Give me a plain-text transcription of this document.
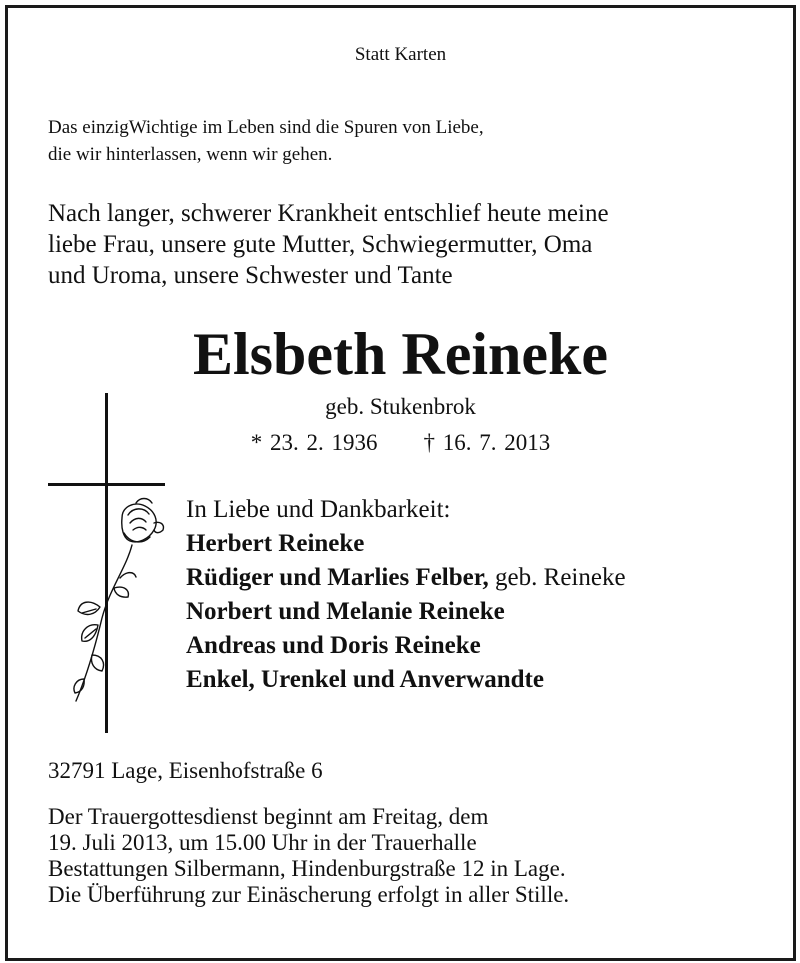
Statt Karten
Das einzigWichtige im Leben sind die Spuren von Liebe,
die wir hinterlassen, wenn wir gehen.
Nach langer, schwerer Krankheit entschlief heute meine
liebe Frau, unsere gute Mutter, Schwiegermutter, Oma
und Uroma, unsere Schwester und Tante
Elsbeth Reineke
geb. Stukenbrok
* 23. 2. 1936 † 16. 7. 2013
In Liebe und Dankbarkeit:
Herbert Reineke
Rüdiger und Marlies Felber, geb. Reineke
Norbert und Melanie Reineke
Andreas und Doris Reineke
Enkel, Urenkel und Anverwandte
32791 Lage, Eisenhofstraße 6
Der Trauergottesdienst beginnt am Freitag, dem
19. Juli 2013, um 15.00 Uhr in der Trauerhalle
Bestattungen Silbermann, Hindenburgstraße 12 in Lage.
Die Überführung zur Einäscherung erfolgt in aller Stille.
